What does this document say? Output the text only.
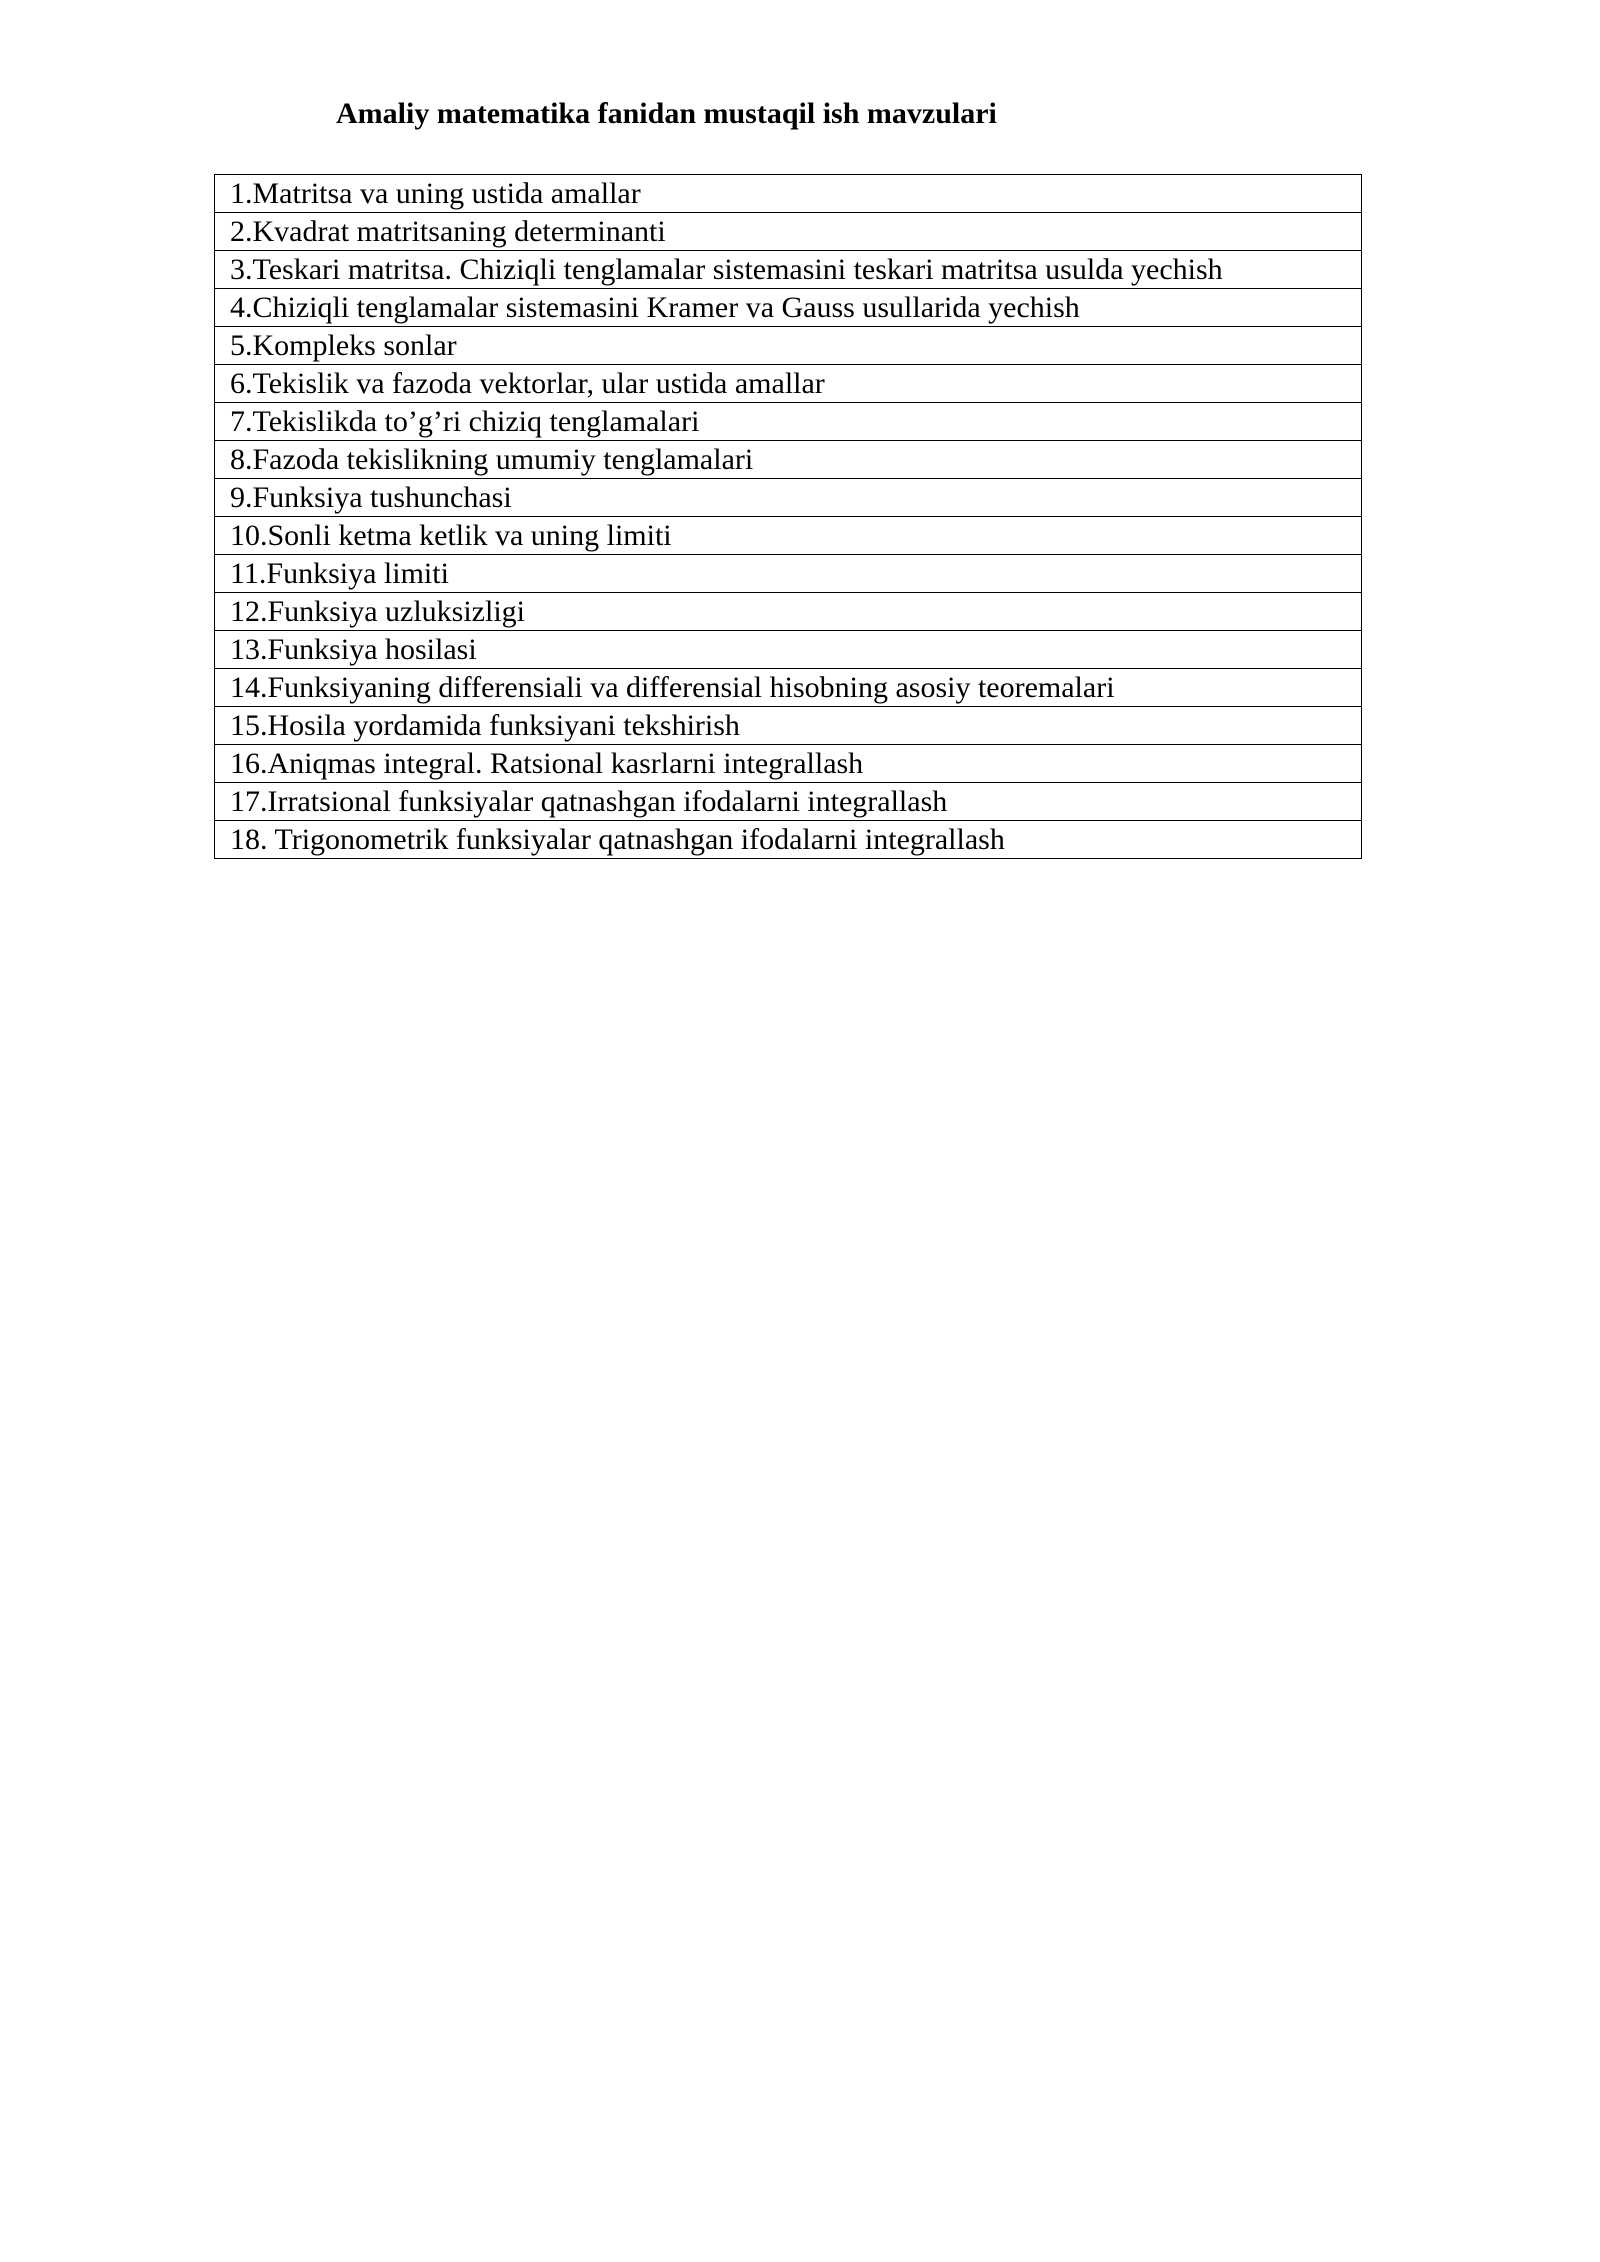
Amaliy matematika fanidan mustaqil ish mavzulari
1.Matritsa va uning ustida amallar
2.Kvadrat matritsaning determinanti
3.Teskari matritsa. Chiziqli tenglamalar sistemasini teskari matritsa usulda yechish
4.Chiziqli tenglamalar sistemasini Kramer va Gauss usullarida yechish
5.Kompleks sonlar
6.Tekislik va fazoda vektorlar, ular ustida amallar
7.Tekislikda to’g’ri chiziq tenglamalari
8.Fazoda tekislikning umumiy tenglamalari
9.Funksiya tushunchasi
10.Sonli ketma ketlik va uning limiti
11.Funksiya limiti
12.Funksiya uzluksizligi
13.Funksiya hosilasi
14.Funksiyaning differensiali va differensial hisobning asosiy teoremalari
15.Hosila yordamida funksiyani tekshirish
16.Aniqmas integral. Ratsional kasrlarni integrallash
17.Irratsional funksiyalar qatnashgan ifodalarni integrallash
18. Trigonometrik funksiyalar qatnashgan ifodalarni integrallash
